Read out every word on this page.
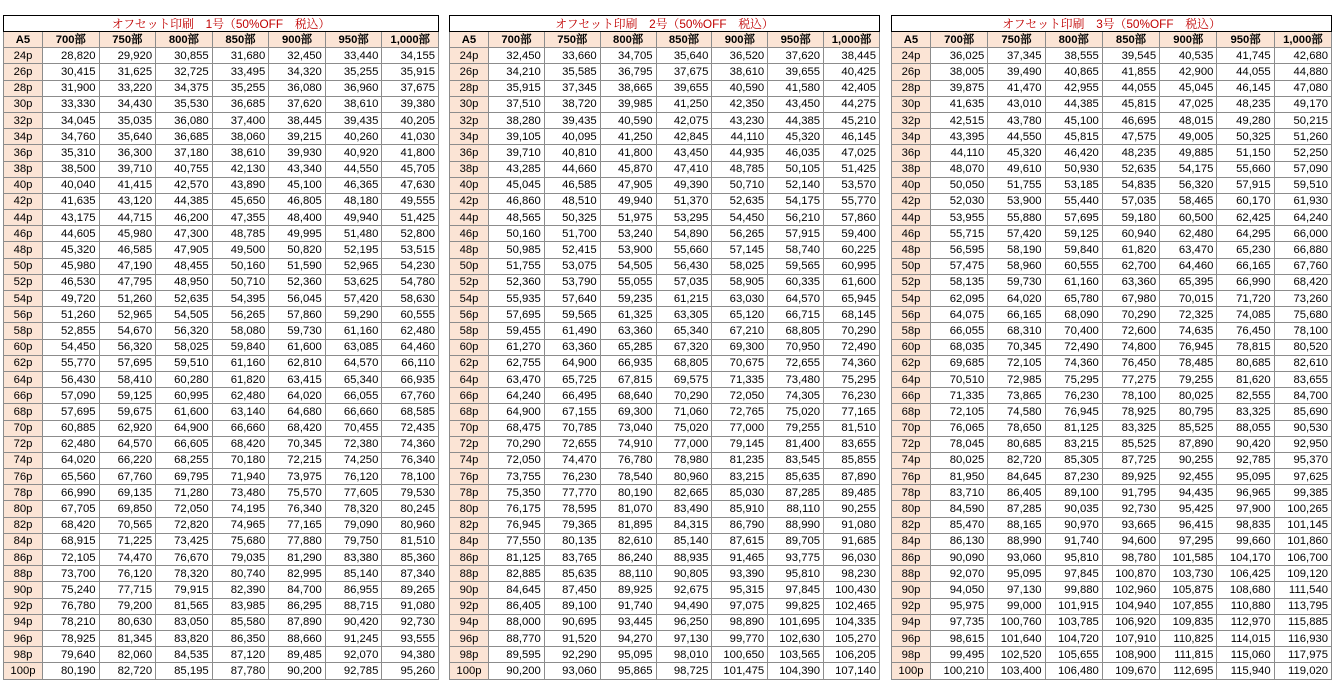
オフセット印刷　1号（50%OFF　税込）							
A5	700部	750部	800部	850部	900部	950部	1,000部
24p	28,820	29,920	30,855	31,680	32,450	33,440	34,155
26p	30,415	31,625	32,725	33,495	34,320	35,255	35,915
28p	31,900	33,220	34,375	35,255	36,080	36,960	37,675
30p	33,330	34,430	35,530	36,685	37,620	38,610	39,380
32p	34,045	35,035	36,080	37,400	38,445	39,435	40,205
34p	34,760	35,640	36,685	38,060	39,215	40,260	41,030
36p	35,310	36,300	37,180	38,610	39,930	40,920	41,800
38p	38,500	39,710	40,755	42,130	43,340	44,550	45,705
40p	40,040	41,415	42,570	43,890	45,100	46,365	47,630
42p	41,635	43,120	44,385	45,650	46,805	48,180	49,555
44p	43,175	44,715	46,200	47,355	48,400	49,940	51,425
46p	44,605	45,980	47,300	48,785	49,995	51,480	52,800
48p	45,320	46,585	47,905	49,500	50,820	52,195	53,515
50p	45,980	47,190	48,455	50,160	51,590	52,965	54,230
52p	46,530	47,795	48,950	50,710	52,360	53,625	54,780
54p	49,720	51,260	52,635	54,395	56,045	57,420	58,630
56p	51,260	52,965	54,505	56,265	57,860	59,290	60,555
58p	52,855	54,670	56,320	58,080	59,730	61,160	62,480
60p	54,450	56,320	58,025	59,840	61,600	63,085	64,460
62p	55,770	57,695	59,510	61,160	62,810	64,570	66,110
64p	56,430	58,410	60,280	61,820	63,415	65,340	66,935
66p	57,090	59,125	60,995	62,480	64,020	66,055	67,760
68p	57,695	59,675	61,600	63,140	64,680	66,660	68,585
70p	60,885	62,920	64,900	66,660	68,420	70,455	72,435
72p	62,480	64,570	66,605	68,420	70,345	72,380	74,360
74p	64,020	66,220	68,255	70,180	72,215	74,250	76,340
76p	65,560	67,760	69,795	71,940	73,975	76,120	78,100
78p	66,990	69,135	71,280	73,480	75,570	77,605	79,530
80p	67,705	69,850	72,050	74,195	76,340	78,320	80,245
82p	68,420	70,565	72,820	74,965	77,165	79,090	80,960
84p	68,915	71,225	73,425	75,680	77,880	79,750	81,510
86p	72,105	74,470	76,670	79,035	81,290	83,380	85,360
88p	73,700	76,120	78,320	80,740	82,995	85,140	87,340
90p	75,240	77,715	79,915	82,390	84,700	86,955	89,265
92p	76,780	79,200	81,565	83,985	86,295	88,715	91,080
94p	78,210	80,630	83,050	85,580	87,890	90,420	92,730
96p	78,925	81,345	83,820	86,350	88,660	91,245	93,555
98p	79,640	82,060	84,535	87,120	89,485	92,070	94,380
100p	80,190	82,720	85,195	87,780	90,200	92,785	95,260
オフセット印刷　2号（50%OFF　税込）							
A5	700部	750部	800部	850部	900部	950部	1,000部
24p	32,450	33,660	34,705	35,640	36,520	37,620	38,445
26p	34,210	35,585	36,795	37,675	38,610	39,655	40,425
28p	35,915	37,345	38,665	39,655	40,590	41,580	42,405
30p	37,510	38,720	39,985	41,250	42,350	43,450	44,275
32p	38,280	39,435	40,590	42,075	43,230	44,385	45,210
34p	39,105	40,095	41,250	42,845	44,110	45,320	46,145
36p	39,710	40,810	41,800	43,450	44,935	46,035	47,025
38p	43,285	44,660	45,870	47,410	48,785	50,105	51,425
40p	45,045	46,585	47,905	49,390	50,710	52,140	53,570
42p	46,860	48,510	49,940	51,370	52,635	54,175	55,770
44p	48,565	50,325	51,975	53,295	54,450	56,210	57,860
46p	50,160	51,700	53,240	54,890	56,265	57,915	59,400
48p	50,985	52,415	53,900	55,660	57,145	58,740	60,225
50p	51,755	53,075	54,505	56,430	58,025	59,565	60,995
52p	52,360	53,790	55,055	57,035	58,905	60,335	61,600
54p	55,935	57,640	59,235	61,215	63,030	64,570	65,945
56p	57,695	59,565	61,325	63,305	65,120	66,715	68,145
58p	59,455	61,490	63,360	65,340	67,210	68,805	70,290
60p	61,270	63,360	65,285	67,320	69,300	70,950	72,490
62p	62,755	64,900	66,935	68,805	70,675	72,655	74,360
64p	63,470	65,725	67,815	69,575	71,335	73,480	75,295
66p	64,240	66,495	68,640	70,290	72,050	74,305	76,230
68p	64,900	67,155	69,300	71,060	72,765	75,020	77,165
70p	68,475	70,785	73,040	75,020	77,000	79,255	81,510
72p	70,290	72,655	74,910	77,000	79,145	81,400	83,655
74p	72,050	74,470	76,780	78,980	81,235	83,545	85,855
76p	73,755	76,230	78,540	80,960	83,215	85,635	87,890
78p	75,350	77,770	80,190	82,665	85,030	87,285	89,485
80p	76,175	78,595	81,070	83,490	85,910	88,110	90,255
82p	76,945	79,365	81,895	84,315	86,790	88,990	91,080
84p	77,550	80,135	82,610	85,140	87,615	89,705	91,685
86p	81,125	83,765	86,240	88,935	91,465	93,775	96,030
88p	82,885	85,635	88,110	90,805	93,390	95,810	98,230
90p	84,645	87,450	89,925	92,675	95,315	97,845	100,430
92p	86,405	89,100	91,740	94,490	97,075	99,825	102,465
94p	88,000	90,695	93,445	96,250	98,890	101,695	104,335
96p	88,770	91,520	94,270	97,130	99,770	102,630	105,270
98p	89,595	92,290	95,095	98,010	100,650	103,565	106,205
100p	90,200	93,060	95,865	98,725	101,475	104,390	107,140
オフセット印刷　3号（50%OFF　税込）							
A5	700部	750部	800部	850部	900部	950部	1,000部
24p	36,025	37,345	38,555	39,545	40,535	41,745	42,680
26p	38,005	39,490	40,865	41,855	42,900	44,055	44,880
28p	39,875	41,470	42,955	44,055	45,045	46,145	47,080
30p	41,635	43,010	44,385	45,815	47,025	48,235	49,170
32p	42,515	43,780	45,100	46,695	48,015	49,280	50,215
34p	43,395	44,550	45,815	47,575	49,005	50,325	51,260
36p	44,110	45,320	46,420	48,235	49,885	51,150	52,250
38p	48,070	49,610	50,930	52,635	54,175	55,660	57,090
40p	50,050	51,755	53,185	54,835	56,320	57,915	59,510
42p	52,030	53,900	55,440	57,035	58,465	60,170	61,930
44p	53,955	55,880	57,695	59,180	60,500	62,425	64,240
46p	55,715	57,420	59,125	60,940	62,480	64,295	66,000
48p	56,595	58,190	59,840	61,820	63,470	65,230	66,880
50p	57,475	58,960	60,555	62,700	64,460	66,165	67,760
52p	58,135	59,730	61,160	63,360	65,395	66,990	68,420
54p	62,095	64,020	65,780	67,980	70,015	71,720	73,260
56p	64,075	66,165	68,090	70,290	72,325	74,085	75,680
58p	66,055	68,310	70,400	72,600	74,635	76,450	78,100
60p	68,035	70,345	72,490	74,800	76,945	78,815	80,520
62p	69,685	72,105	74,360	76,450	78,485	80,685	82,610
64p	70,510	72,985	75,295	77,275	79,255	81,620	83,655
66p	71,335	73,865	76,230	78,100	80,025	82,555	84,700
68p	72,105	74,580	76,945	78,925	80,795	83,325	85,690
70p	76,065	78,650	81,125	83,325	85,525	88,055	90,530
72p	78,045	80,685	83,215	85,525	87,890	90,420	92,950
74p	80,025	82,720	85,305	87,725	90,255	92,785	95,370
76p	81,950	84,645	87,230	89,925	92,455	95,095	97,625
78p	83,710	86,405	89,100	91,795	94,435	96,965	99,385
80p	84,590	87,285	90,035	92,730	95,425	97,900	100,265
82p	85,470	88,165	90,970	93,665	96,415	98,835	101,145
84p	86,130	88,990	91,740	94,600	97,295	99,660	101,860
86p	90,090	93,060	95,810	98,780	101,585	104,170	106,700
88p	92,070	95,095	97,845	100,870	103,730	106,425	109,120
90p	94,050	97,130	99,880	102,960	105,875	108,680	111,540
92p	95,975	99,000	101,915	104,940	107,855	110,880	113,795
94p	97,735	100,760	103,785	106,920	109,835	112,970	115,885
96p	98,615	101,640	104,720	107,910	110,825	114,015	116,930
98p	99,495	102,520	105,655	108,900	111,815	115,060	117,975
100p	100,210	103,400	106,480	109,670	112,695	115,940	119,020
